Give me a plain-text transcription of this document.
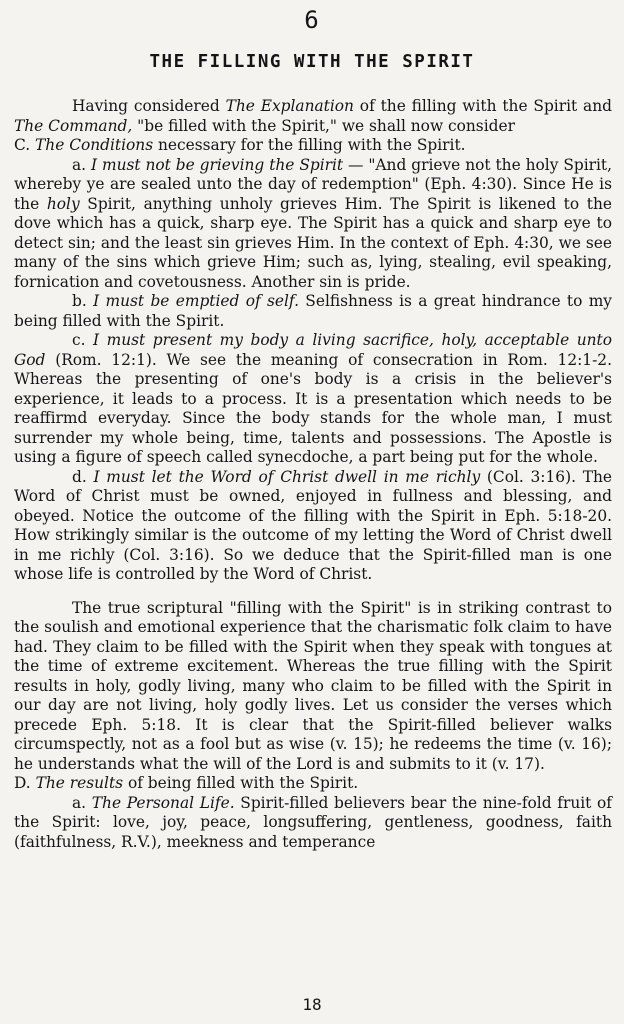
6
THE FILLING WITH THE SPIRIT

Having considered The Explanation of the filling with the Spirit and The Command, "be filled with the Spirit," we shall now consider

C. The Conditions necessary for the filling with the Spirit.

a. I must not be grieving the Spirit — "And grieve not the holy Spirit, whereby ye are sealed unto the day of redemption" (Eph. 4:30). Since He is the holy Spirit, anything unholy grieves Him. The Spirit is likened to the dove which has a quick, sharp eye. The Spirit has a quick and sharp eye to detect sin; and the least sin grieves Him. In the context of Eph. 4:30, we see many of the sins which grieve Him; such as, lying, stealing, evil speaking, fornication and covetousness. Another sin is pride.

b. I must be emptied of self. Selfishness is a great hindrance to my being filled with the Spirit.

c. I must present my body a living sacrifice, holy, acceptable unto God (Rom. 12:1). We see the meaning of consecration in Rom. 12:1-2. Whereas the presenting of one's body is a crisis in the believer's experience, it leads to a process. It is a presentation which needs to be reaffirmd everyday. Since the body stands for the whole man, I must surrender my whole being, time, talents and possessions. The Apostle is using a figure of speech called synecdoche, a part being put for the whole.

d. I must let the Word of Christ dwell in me richly (Col. 3:16). The Word of Christ must be owned, enjoyed in fullness and blessing, and obeyed. Notice the outcome of the filling with the Spirit in Eph. 5:18-20. How strikingly similar is the outcome of my letting the Word of Christ dwell in me richly (Col. 3:16). So we deduce that the Spirit-filled man is one whose life is controlled by the Word of Christ.

The true scriptural "filling with the Spirit" is in striking contrast to the soulish and emotional experience that the charismatic folk claim to have had. They claim to be filled with the Spirit when they speak with tongues at the time of extreme excitement. Whereas the true filling with the Spirit results in holy, godly living, many who claim to be filled with the Spirit in our day are not living, holy godly lives. Let us consider the verses which precede Eph. 5:18. It is clear that the Spirit-filled believer walks circumspectly, not as a fool but as wise (v. 15); he redeems the time (v. 16); he understands what the will of the Lord is and submits to it (v. 17).

D. The results of being filled with the Spirit.

a. The Personal Life. Spirit-filled believers bear the nine-fold fruit of the Spirit: love, joy, peace, longsuffering, gentleness, goodness, faith (faithfulness, R.V.), meekness and temperance

18
